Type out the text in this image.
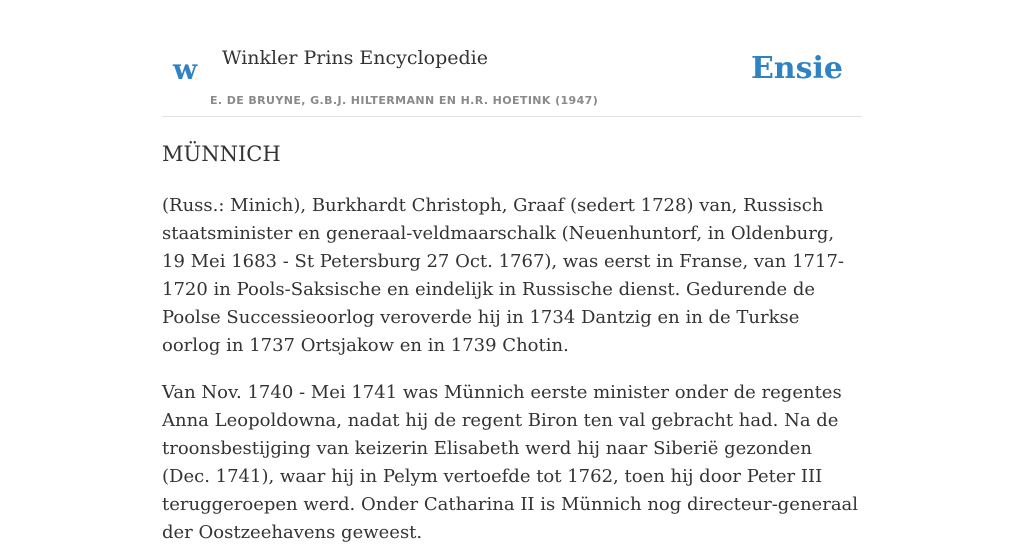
w Winkler Prins Encyclopedie
E. DE BRUYNE, G.B.J. HILTERMANN EN H.R. HOETINK (1947)
Ensie
MÜNNICH

(Russ.: Minich), Burkhardt Christoph, Graaf (sedert 1728) van, Russisch staatsminister en generaal-veldmaarschalk (Neuenhuntorf, in Oldenburg, 19 Mei 1683 - St Petersburg 27 Oct. 1767), was eerst in Franse, van 1717-1720 in Pools-Saksische en eindelijk in Russische dienst. Gedurende de Poolse Successieoorlog veroverde hij in 1734 Dantzig en in de Turkse oorlog in 1737 Ortsjakow en in 1739 Chotin.

Van Nov. 1740 - Mei 1741 was Münnich eerste minister onder de regentes Anna Leopoldowna, nadat hij de regent Biron ten val gebracht had. Na de troonsbestijging van keizerin Elisabeth werd hij naar Siberië gezonden (Dec. 1741), waar hij in Pelym vertoefde tot 1762, toen hij door Peter III teruggeroepen werd. Onder Catharina II is Münnich nog directeur-generaal der Oostzeehavens geweest.
